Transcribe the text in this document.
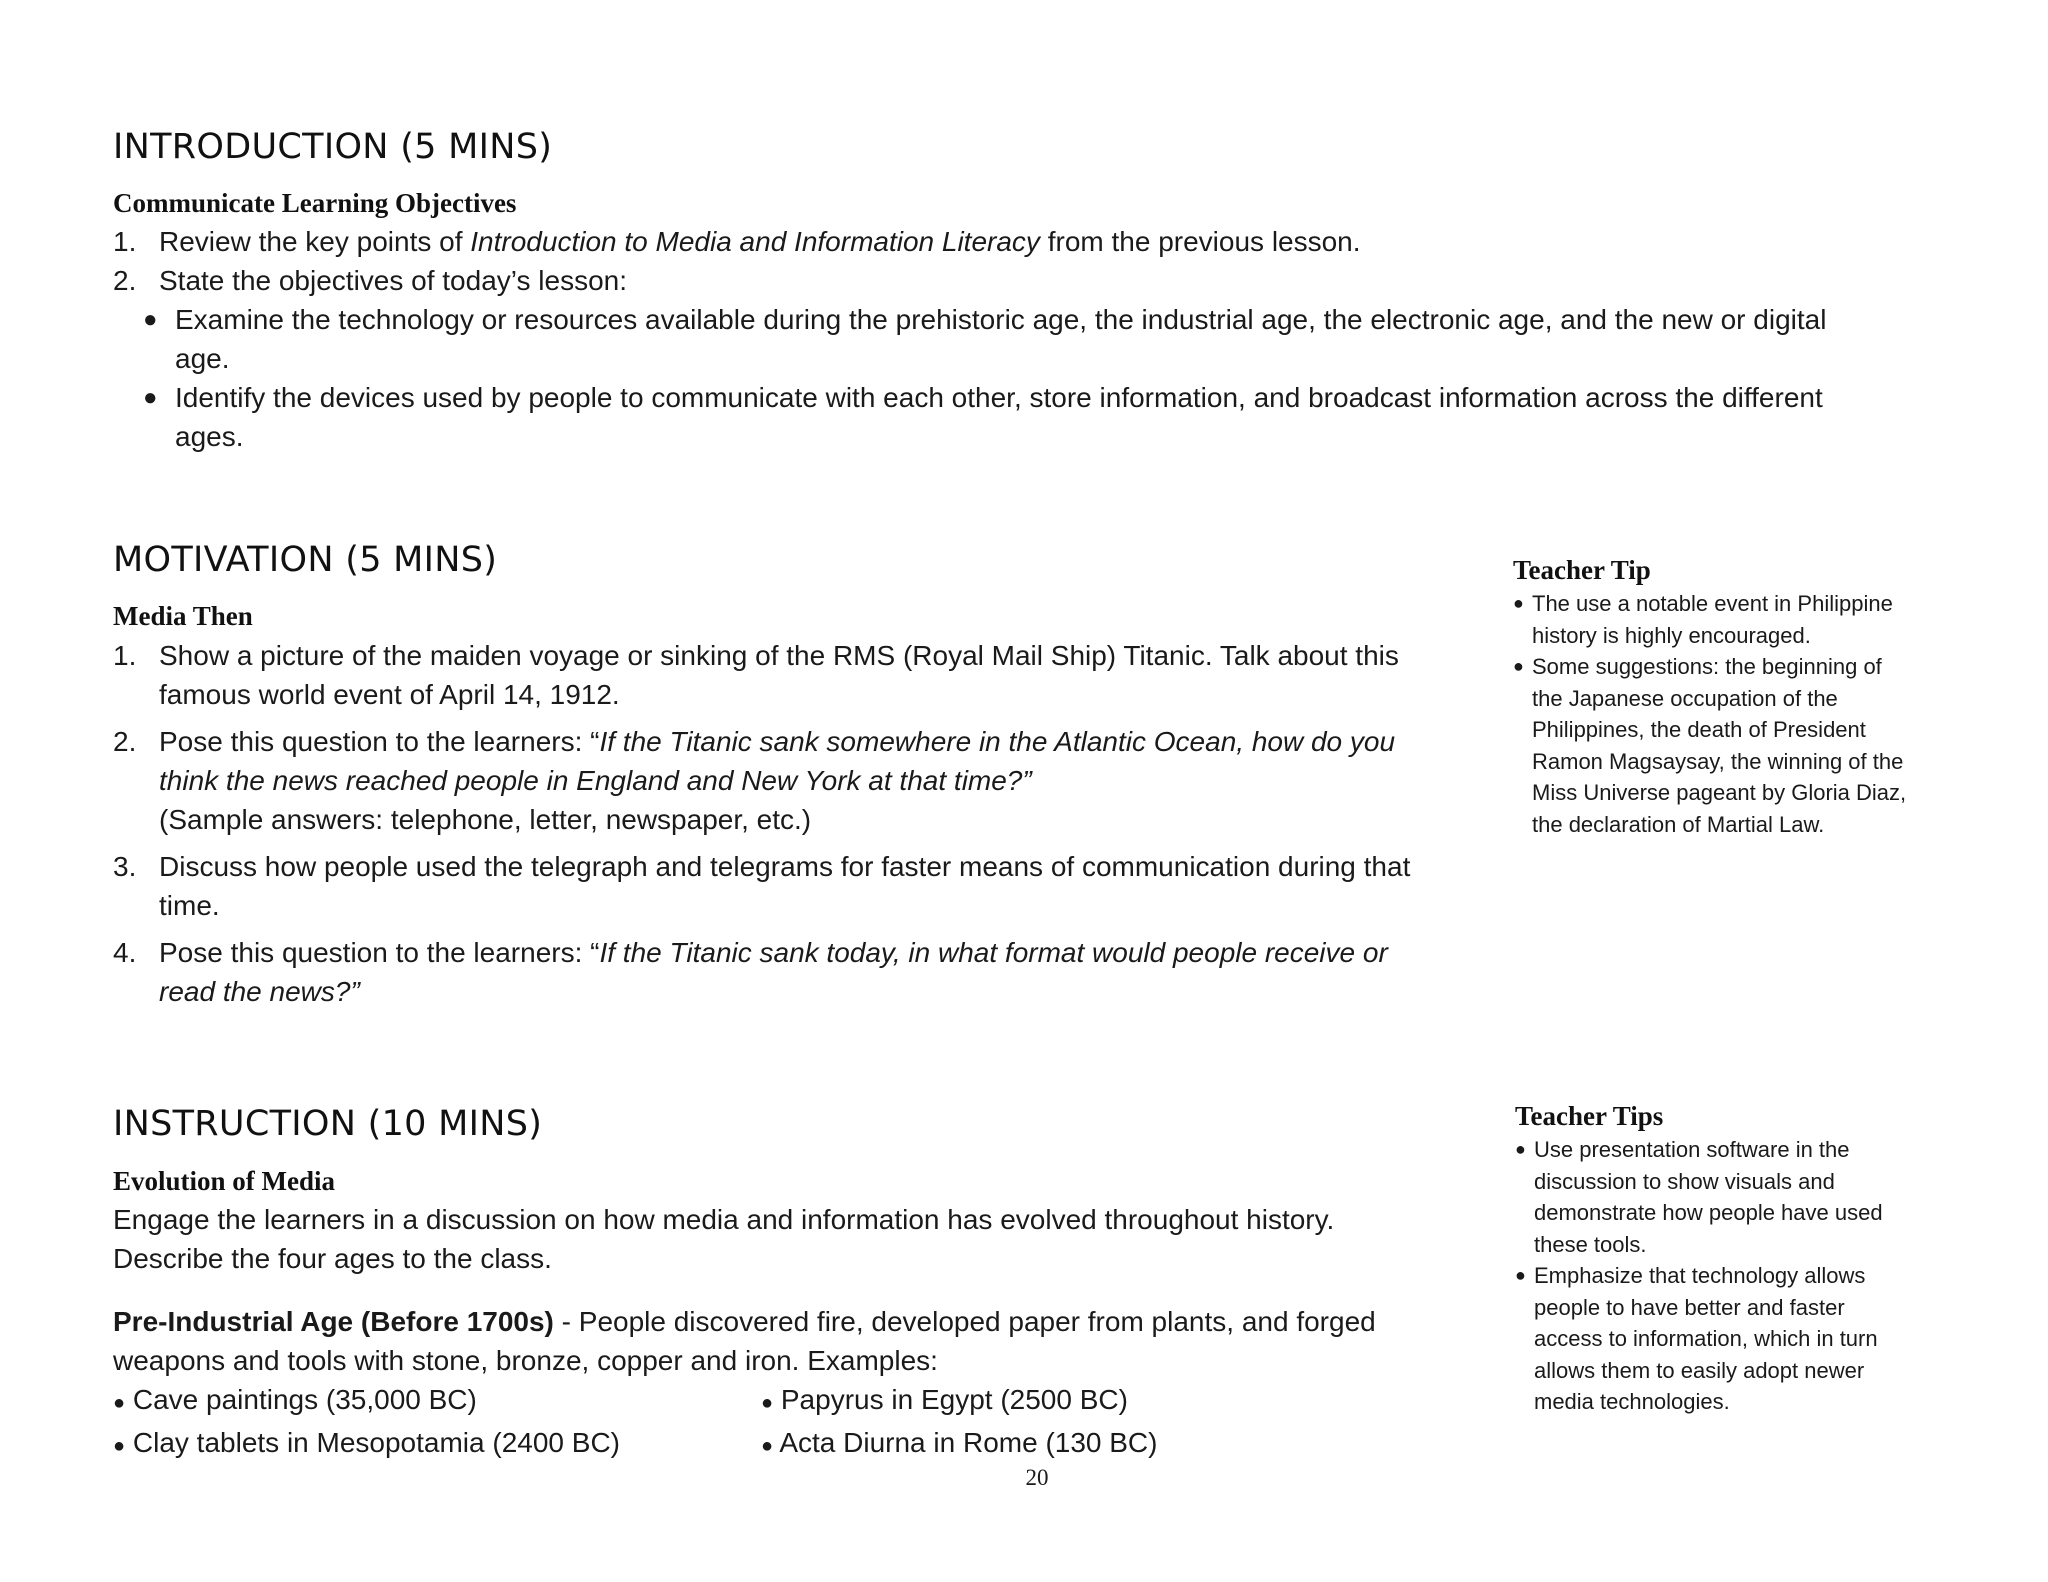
INTRODUCTION (5 MINS)
Communicate Learning Objectives
1. Review the key points of Introduction to Media and Information Literacy from the previous lesson.
2. State the objectives of today’s lesson:
● Examine the technology or resources available during the prehistoric age, the industrial age, the electronic age, and the new or digital
age.
● Identify the devices used by people to communicate with each other, store information, and broadcast information across the different
ages.
MOTIVATION (5 MINS)
Media Then
1. Show a picture of the maiden voyage or sinking of the RMS (Royal Mail Ship) Titanic. Talk about this
famous world event of April 14, 1912.
2. Pose this question to the learners: “If the Titanic sank somewhere in the Atlantic Ocean, how do you
think the news reached people in England and New York at that time?”
(Sample answers: telephone, letter, newspaper, etc.)
3. Discuss how people used the telegraph and telegrams for faster means of communication during that
time.
4. Pose this question to the learners: “If the Titanic sank today, in what format would people receive or
read the news?”
Teacher Tip
● The use a notable event in Philippine
history is highly encouraged.
● Some suggestions: the beginning of
the Japanese occupation of the
Philippines, the death of President
Ramon Magsaysay, the winning of the
Miss Universe pageant by Gloria Diaz,
the declaration of Martial Law.
INSTRUCTION (10 MINS)
Evolution of Media
Engage the learners in a discussion on how media and information has evolved throughout history.
Describe the four ages to the class.
Pre-Industrial Age (Before 1700s) - People discovered fire, developed paper from plants, and forged
weapons and tools with stone, bronze, copper and iron. Examples:
● Cave paintings (35,000 BC)
● Clay tablets in Mesopotamia (2400 BC)
● Papyrus in Egypt (2500 BC)
● Acta Diurna in Rome (130 BC)
Teacher Tips
● Use presentation software in the
discussion to show visuals and
demonstrate how people have used
these tools.
● Emphasize that technology allows
people to have better and faster
access to information, which in turn
allows them to easily adopt newer
media technologies.
20
